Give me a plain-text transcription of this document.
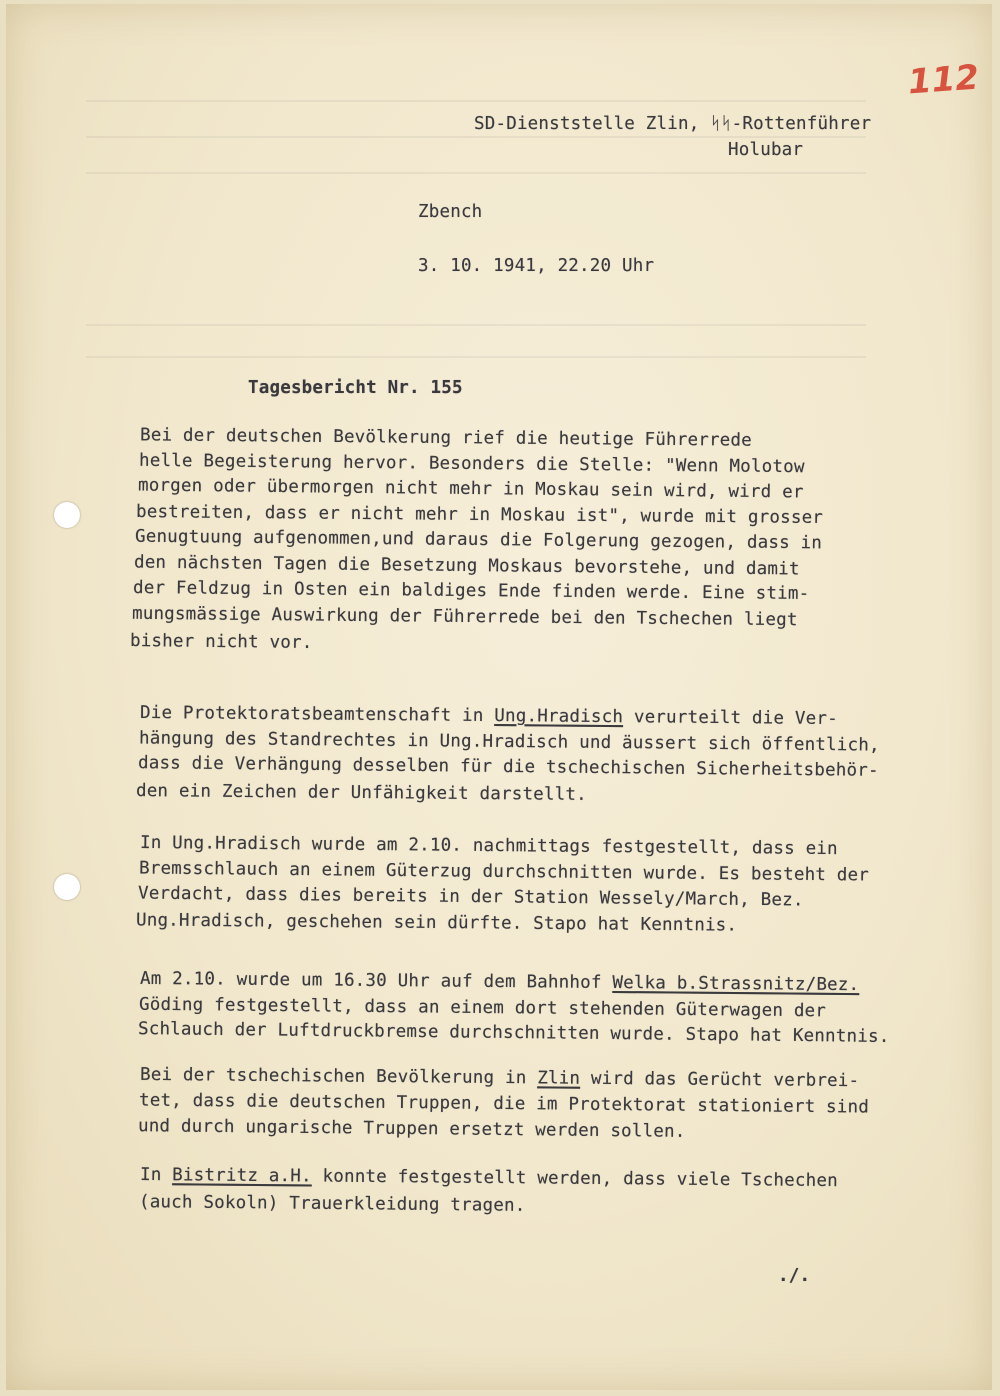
112
SD-Dienststelle Zlin, ᛋᛋ-Rottenführer
Holubar
Zbench
3. 10. 1941, 22.20 Uhr
Tagesbericht Nr. 155
Bei der deutschen Bevölkerung rief die heutige Führerrede
helle Begeisterung hervor. Besonders die Stelle: "Wenn Molotow
morgen oder übermorgen nicht mehr in Moskau sein wird, wird er
bestreiten, dass er nicht mehr in Moskau ist", wurde mit grosser
Genugtuung aufgenommen,und daraus die Folgerung gezogen, dass in
den nächsten Tagen die Besetzung Moskaus bevorstehe, und damit
der Feldzug in Osten ein baldiges Ende finden werde. Eine stim-
mungsmässige Auswirkung der Führerrede bei den Tschechen liegt
bisher nicht vor.
Die Protektoratsbeamtenschaft in Ung.Hradisch verurteilt die Ver-
hängung des Standrechtes in Ung.Hradisch und äussert sich öffentlich,
dass die Verhängung desselben für die tschechischen Sicherheitsbehör-
den ein Zeichen der Unfähigkeit darstellt.
In Ung.Hradisch wurde am 2.10. nachmittags festgestellt, dass ein
Bremsschlauch an einem Güterzug durchschnitten wurde. Es besteht der
Verdacht, dass dies bereits in der Station Wessely/March, Bez.
Ung.Hradisch, geschehen sein dürfte. Stapo hat Kenntnis.
Am 2.10. wurde um 16.30 Uhr auf dem Bahnhof Welka b.Strassnitz/Bez.
Göding festgestellt, dass an einem dort stehenden Güterwagen der
Schlauch der Luftdruckbremse durchschnitten wurde. Stapo hat Kenntnis.
Bei der tschechischen Bevölkerung in Zlin wird das Gerücht verbrei-
tet, dass die deutschen Truppen, die im Protektorat stationiert sind
und durch ungarische Truppen ersetzt werden sollen.
In Bistritz a.H. konnte festgestellt werden, dass viele Tschechen
(auch Sokoln) Trauerkleidung tragen.
./.
